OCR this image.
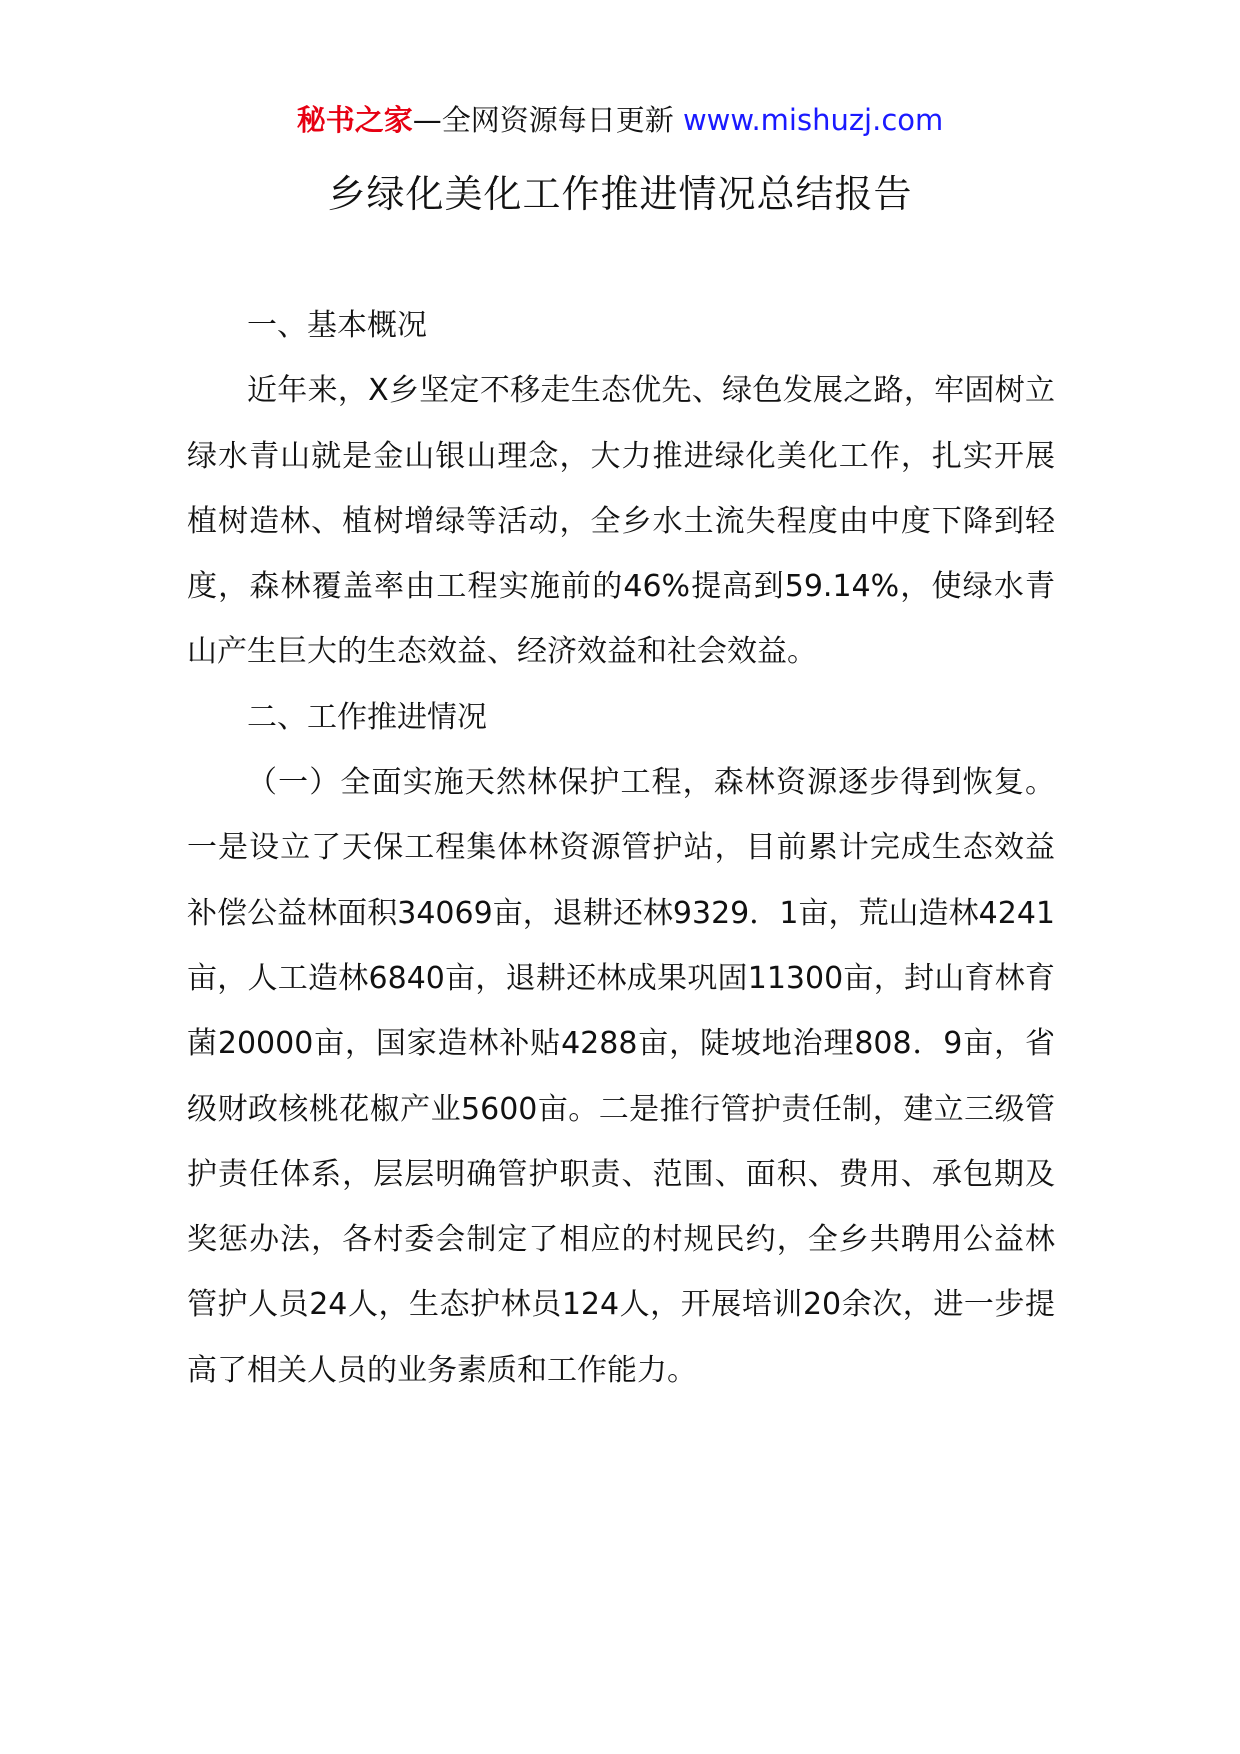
秘书之家—全网资源每日更新 www.mishuzj.com
乡绿化美化工作推进情况总结报告
一、基本概况

近年来，X乡坚定不移走生态优先、绿色发展之路，牢固树立绿水青山就是金山银山理念，大力推进绿化美化工作，扎实开展植树造林、植树增绿等活动，全乡水土流失程度由中度下降到轻度，森林覆盖率由工程实施前的46%提高到59.14%，使绿水青山产生巨大的生态效益、经济效益和社会效益。

二、工作推进情况

（一）全面实施天然林保护工程，森林资源逐步得到恢复。一是设立了天保工程集体林资源管护站，目前累计完成生态效益补偿公益林面积34069亩，退耕还林9329．1亩，荒山造林4241亩，人工造林6840亩，退耕还林成果巩固11300亩，封山育林育菌20000亩，国家造林补贴4288亩，陡坡地治理808．9亩，省级财政核桃花椒产业5600亩。二是推行管护责任制，建立三级管护责任体系，层层明确管护职责、范围、面积、费用、承包期及奖惩办法，各村委会制定了相应的村规民约，全乡共聘用公益林管护人员24人，生态护林员124人，开展培训20余次，进一步提高了相关人员的业务素质和工作能力。
